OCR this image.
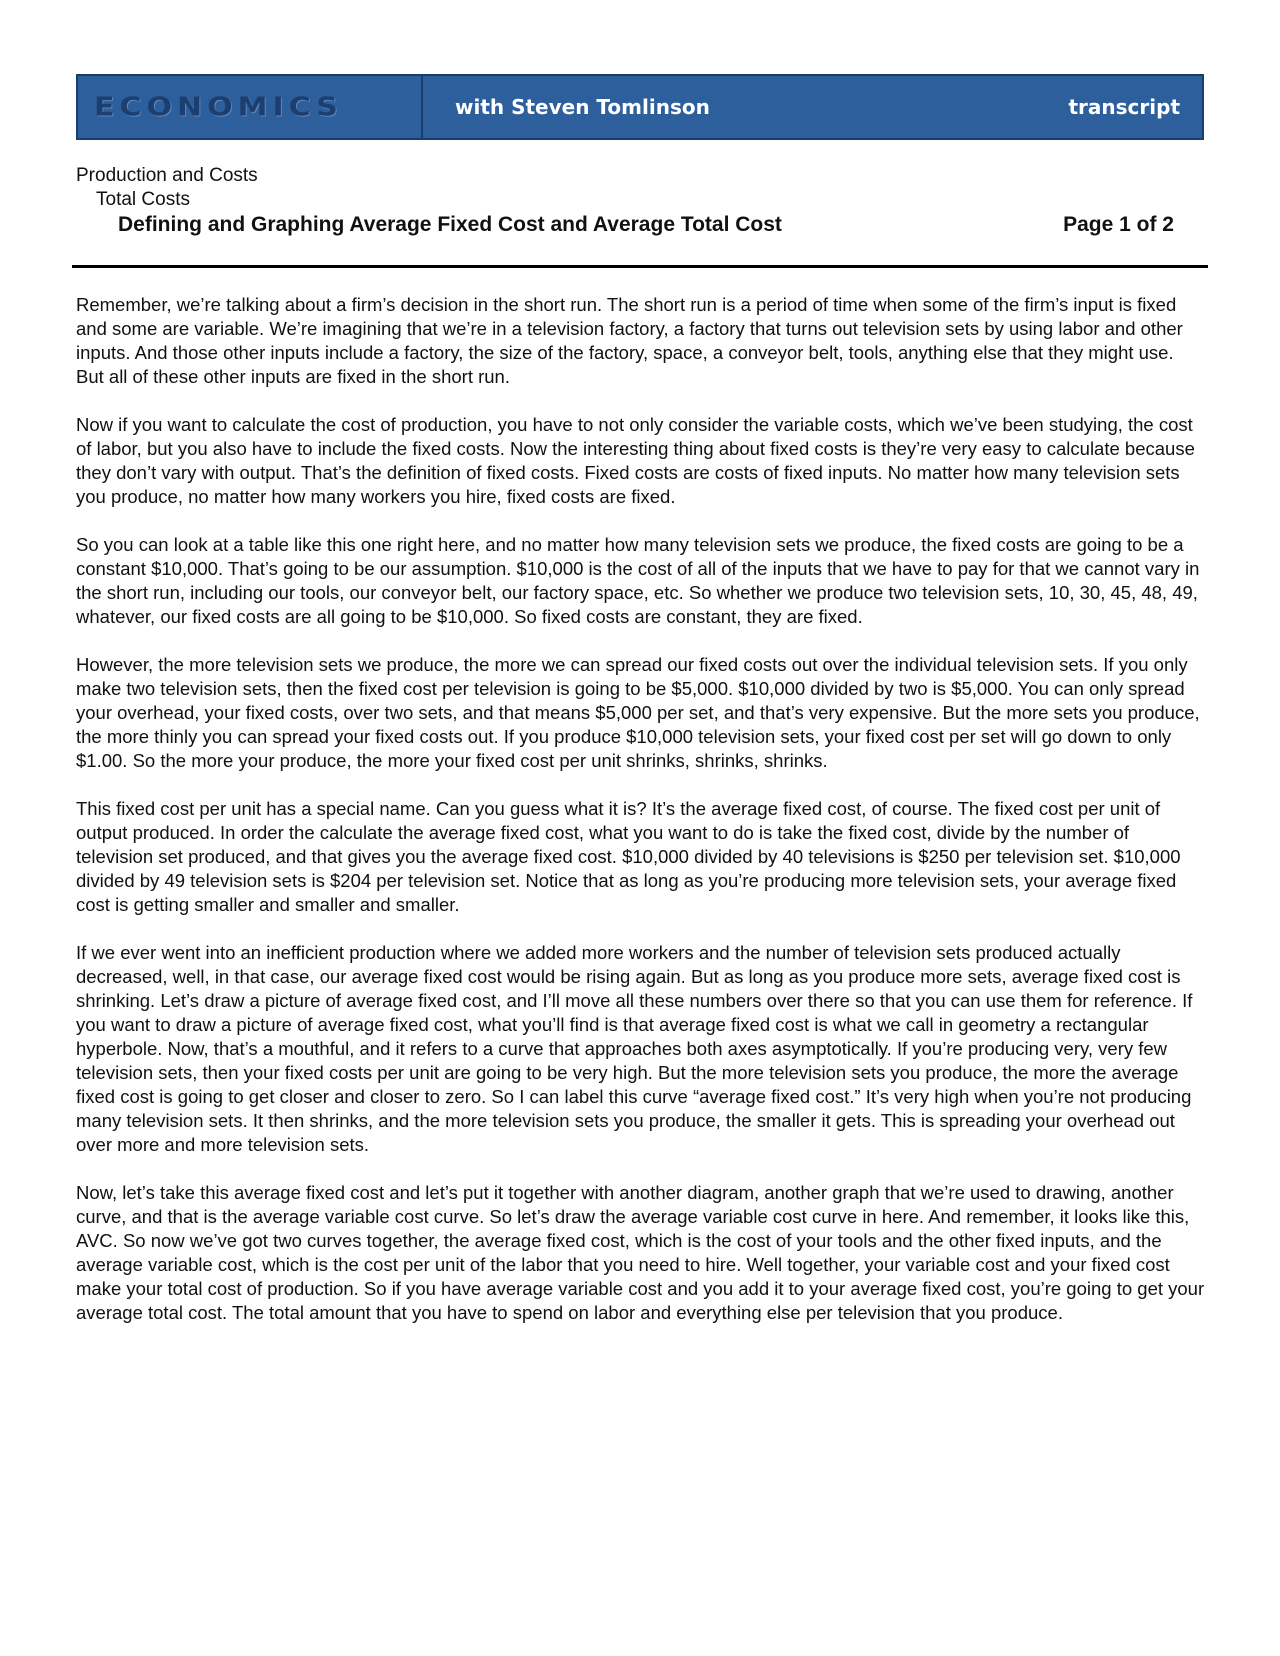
ECONOMICS	with Steven Tomlinson	transcript
Production and Costs
Total Costs
Defining and Graphing Average Fixed Cost and Average Total Cost	Page 1 of 2

Remember, we’re talking about a firm’s decision in the short run. The short run is a period of time when some of the firm’s input is fixed and some are variable. We’re imagining that we’re in a television factory, a factory that turns out television sets by using labor and other inputs. And those other inputs include a factory, the size of the factory, space, a conveyor belt, tools, anything else that they might use. But all of these other inputs are fixed in the short run.

Now if you want to calculate the cost of production, you have to not only consider the variable costs, which we’ve been studying, the cost of labor, but you also have to include the fixed costs. Now the interesting thing about fixed costs is they’re very easy to calculate because they don’t vary with output. That’s the definition of fixed costs. Fixed costs are costs of fixed inputs. No matter how many television sets you produce, no matter how many workers you hire, fixed costs are fixed.

So you can look at a table like this one right here, and no matter how many television sets we produce, the fixed costs are going to be a constant $10,000. That’s going to be our assumption. $10,000 is the cost of all of the inputs that we have to pay for that we cannot vary in the short run, including our tools, our conveyor belt, our factory space, etc. So whether we produce two television sets, 10, 30, 45, 48, 49, whatever, our fixed costs are all going to be $10,000. So fixed costs are constant, they are fixed.

However, the more television sets we produce, the more we can spread our fixed costs out over the individual television sets. If you only make two television sets, then the fixed cost per television is going to be $5,000. $10,000 divided by two is $5,000. You can only spread your overhead, your fixed costs, over two sets, and that means $5,000 per set, and that’s very expensive. But the more sets you produce, the more thinly you can spread your fixed costs out. If you produce $10,000 television sets, your fixed cost per set will go down to only $1.00. So the more your produce, the more your fixed cost per unit shrinks, shrinks, shrinks.

This fixed cost per unit has a special name. Can you guess what it is? It’s the average fixed cost, of course. The fixed cost per unit of output produced. In order the calculate the average fixed cost, what you want to do is take the fixed cost, divide by the number of television set produced, and that gives you the average fixed cost. $10,000 divided by 40 televisions is $250 per television set. $10,000 divided by 49 television sets is $204 per television set. Notice that as long as you’re producing more television sets, your average fixed cost is getting smaller and smaller and smaller.

If we ever went into an inefficient production where we added more workers and the number of television sets produced actually decreased, well, in that case, our average fixed cost would be rising again. But as long as you produce more sets, average fixed cost is shrinking. Let’s draw a picture of average fixed cost, and I’ll move all these numbers over there so that you can use them for reference. If you want to draw a picture of average fixed cost, what you’ll find is that average fixed cost is what we call in geometry a rectangular hyperbole. Now, that’s a mouthful, and it refers to a curve that approaches both axes asymptotically. If you’re producing very, very few television sets, then your fixed costs per unit are going to be very high. But the more television sets you produce, the more the average fixed cost is going to get closer and closer to zero. So I can label this curve “average fixed cost.” It’s very high when you’re not producing many television sets. It then shrinks, and the more television sets you produce, the smaller it gets. This is spreading your overhead out over more and more television sets.

Now, let’s take this average fixed cost and let’s put it together with another diagram, another graph that we’re used to drawing, another curve, and that is the average variable cost curve. So let’s draw the average variable cost curve in here. And remember, it looks like this, AVC. So now we’ve got two curves together, the average fixed cost, which is the cost of your tools and the other fixed inputs, and the average variable cost, which is the cost per unit of the labor that you need to hire. Well together, your variable cost and your fixed cost make your total cost of production. So if you have average variable cost and you add it to your average fixed cost, you’re going to get your average total cost. The total amount that you have to spend on labor and everything else per television that you produce.
